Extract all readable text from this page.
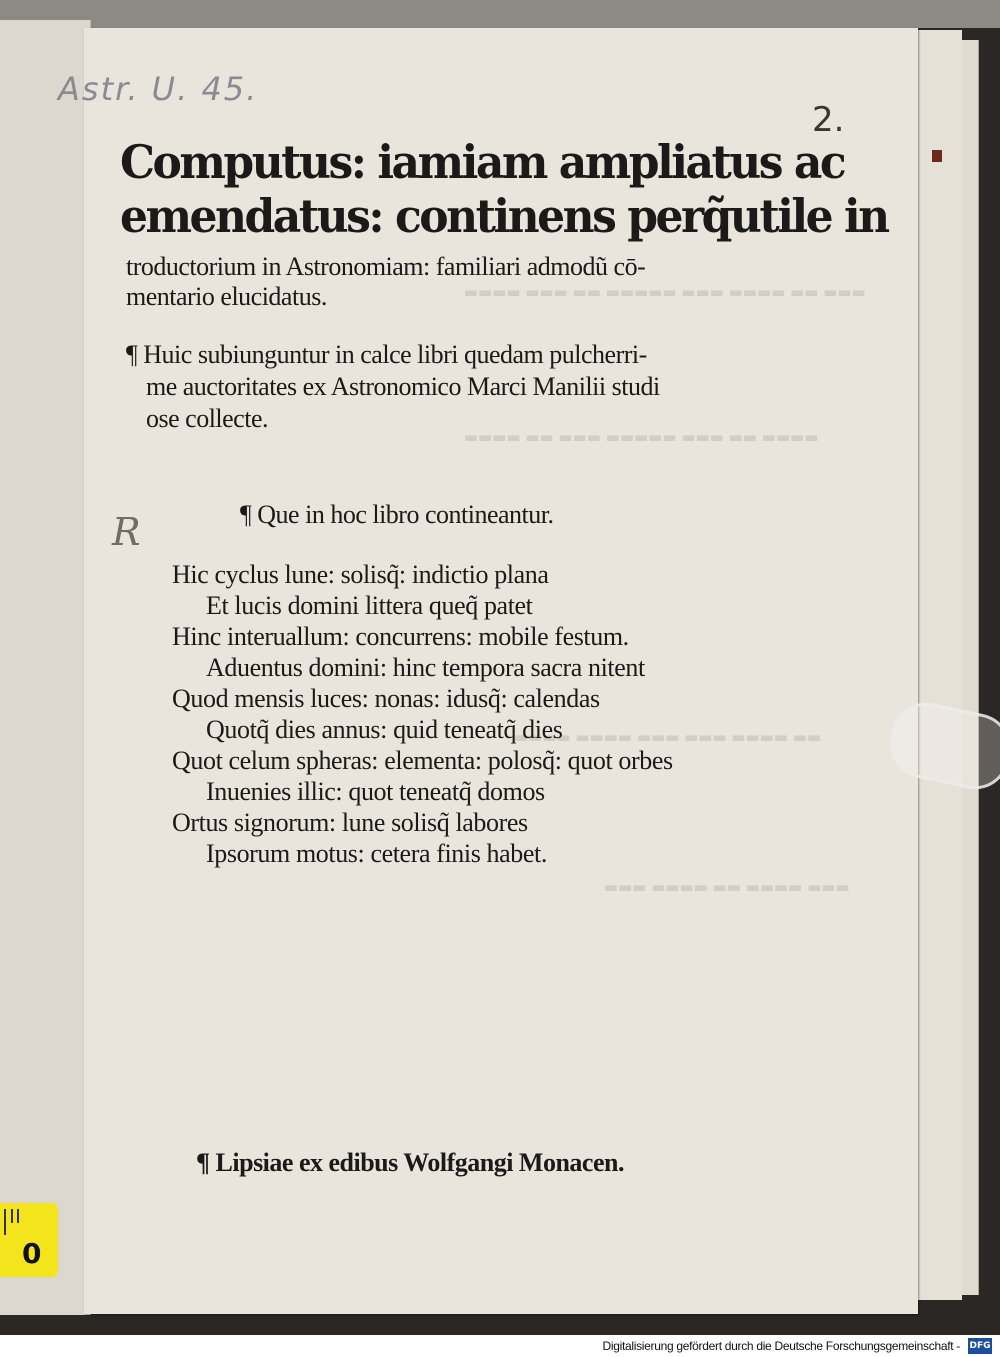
▬▬▬ ▬▬ ▬▬▬▬ ▬▬▬ ▬▬▬▬▬ ▬▬ ▬▬▬ ▬▬▬▬
▬▬▬▬ ▬▬ ▬▬▬ ▬▬▬▬▬ ▬▬▬ ▬▬ ▬▬▬▬
▬▬ ▬▬▬▬ ▬▬▬ ▬▬▬ ▬▬▬▬ ▬▬▬▬
▬▬▬ ▬▬▬▬ ▬▬ ▬▬▬▬ ▬▬▬
Astr. U. 45.
2.
R
Computus: iamiam ampliatus ac
emendatus: continens perq̃utile in
troductorium in Astronomiam: familiari admodũ cō-
mentario elucidatus.
¶ Huic subiunguntur in calce libri quedam pulcherri-
me auctoritates ex Astronomico Marci Manilii studi
ose collecte.
¶ Que in hoc libro contineantur.
Hic cyclus lune: solisq̃: indictio plana
Et lucis domini littera queq̃ patet
Hinc interuallum: concurrens: mobile festum.
Aduentus domini: hinc tempora sacra nitent
Quod mensis luces: nonas: idusq̃: calendas
Quotq̃ dies annus: quid teneatq̃ dies
Quot celum spheras: elementa: polosq̃: quot orbes
Inuenies illic: quot teneatq̃ domos
Ortus signorum: lune solisq̃ labores
Ipsorum motus: cetera finis habet.
¶ Lipsiae ex edibus Wolfgangi Monacen.
0
Digitalisierung gefördert durch die Deutsche Forschungsgemeinschaft - DFG
